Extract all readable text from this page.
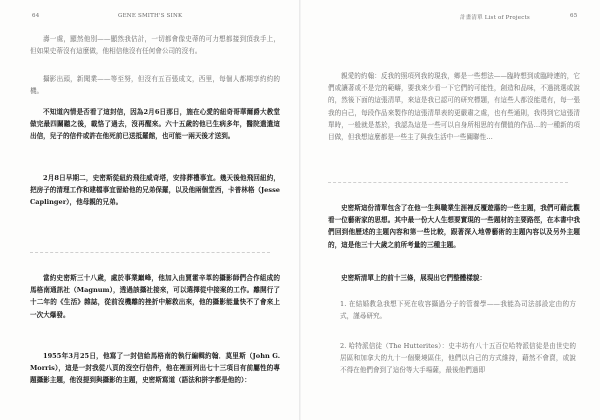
64	GENE SMITH'S SINK

壽一處，顯然他別——顯然我估計，一切都會像史蒂的可力想都接到頂我手上，但如果史蒂沒有這麼做，他相信他沒有任何會公司的沒有。

攝影出頭，新聞業——等至努，但沒有五百張成文，西里，每個人都期享約約的機。

不知道內情是否看了這封信，因為2月6日那日，施在心愛的紐奇哥華爾爵大教堂做完最四關聽之後，載恪了過去，沒再醒來。六十五歲的他已生病多年，醫院遣遣這出信，兒子的信件或許在他死前已送抵羅館，也可能一兩天後才送到。

2月8日早期二，史密斯從紐約飛往威奇塔，安排葬禮事宜。幾天後他飛回紐約，把房子的清理工作和建檔事宜留給他的兄弟保羅，以及他兩個堂西，卡普林格（Jesse Caplinger），他母親的兄弟。

當約史密斯三十八歲，處於事業巔峰，他加入由賈霍辛革的攝影師們合作組成的馬格南通訊社（Magnum），透過該攝社接來，可以選擇從中接案的工作。離開行了十二年的《生活》雜誌，從前沒機離的挫折中解救出來，他的攝影能量快不了會來上一次大爆發。

1955年3月25日，他寫了一封信給馬格南的執行編輯約翰．莫里斯（John G. Morris），這是一封我從八頁的沒空行信件，他在裡面列出七十三項目有前屬性的專題攝影主題，他沒提到與攝影的主題，史密斯寫道（語法和拼字都是他的）：

計畫清單 List of Projects	65

親愛的約翰：反我的照項列我的現我，鄉是一些想法——臨時想到或臨時連的，它們或讓著或不是完的範疇，要我來少看一下它們的可能性，創造和品味，不過挑選或說的，然後下面的這張清單，來這是我已認可的研究標題，有這些人都沒能還有，每一張我的自己，每段作品來製作的這張清單表的更嚴肅之處，也有些通則，我得到它這張清單時，一般就是基於，我認為這是一些可以自身所相思的有價值的作品…的一種新的項目做，但我想這麼都是一些主了與我生活中一些關聯性…

史密斯這份清單包含了在他一生與職業生涯裡反覆遊蕩的一些主題，我們可藉此觀看一位藝術家的思想。其中最一份大人生想要實現的一些題材的主要路徑，在本書中我們回到他歷述的主題內容和第一些比較，跟著深入地帶藝術的主題內容以及另外主題的，這是他三十大歲之前所考量的三種主題。

史密斯清單上的前十三條，展現出它們整體樣貌：

1. 在結婚教急我想下死在收容攝過分子的管養學——我能為司法部設定由的方式，謹尋研究。

2. 哈特派信徒（The Hutterites）：史丰坊有八十五百位哈特派信徒是由世史的居區和加拿大的九十一個聚境區住，他們以自己的方式維持，藉然不會賣，或說不得在他們會到了這份等大手場薩，最後他們過即
